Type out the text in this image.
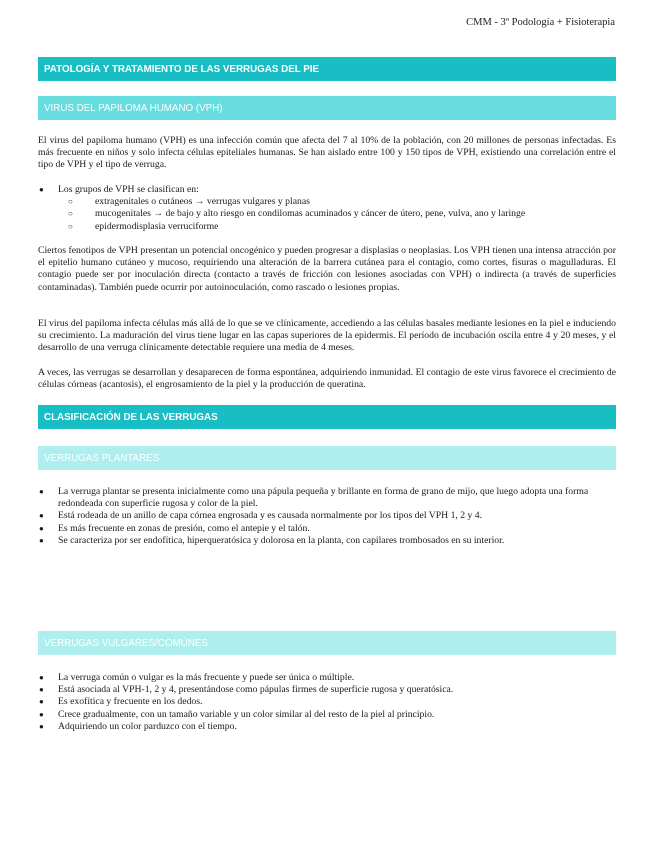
CMM - 3º Podología + Fisioterapia
PATOLOGÍA Y TRATAMIENTO DE LAS VERRUGAS DEL PIE
VIRUS DEL PAPILOMA HUMANO (VPH)

El virus del papiloma humano (VPH) es una infección común que afecta del 7 al 10% de la población, con 20 millones de personas infectadas. Es más frecuente en niños y solo infecta células epiteliales humanas. Se han aislado entre 100 y 150 tipos de VPH, existiendo una correlación entre el tipo de VPH y el tipo de verruga.

● Los grupos de VPH se clasifican en:
○ extragenitales o cutáneos → verrugas vulgares y planas
○ mucogenitales → de bajo y alto riesgo en condilomas acuminados y cáncer de útero, pene, vulva, ano y laringe
○ epidermodisplasia verruciforme

Ciertos fenotipos de VPH presentan un potencial oncogénico y pueden progresar a displasias o neoplasias. Los VPH tienen una intensa atracción por el epitelio humano cutáneo y mucoso, requiriendo una alteración de la barrera cutánea para el contagio, como cortes, fisuras o magulladuras. El contagio puede ser por inoculación directa (contacto a través de fricción con lesiones asociadas con VPH) o indirecta (a través de superficies contaminadas). También puede ocurrir por autoinoculación, como rascado o lesiones propias.

El virus del papiloma infecta células más allá de lo que se ve clínicamente, accediendo a las células basales mediante lesiones en la piel e induciendo su crecimiento. La maduración del virus tiene lugar en las capas superiores de la epidermis. El período de incubación oscila entre 4 y 20 meses, y el desarrollo de una verruga clínicamente detectable requiere una media de 4 meses.

A veces, las verrugas se desarrollan y desaparecen de forma espontánea, adquiriendo inmunidad. El contagio de este virus favorece el crecimiento de células córneas (acantosis), el engrosamiento de la piel y la producción de queratina.

CLASIFICACIÓN DE LAS VERRUGAS
VERRUGAS PLANTARES
● La verruga plantar se presenta inicialmente como una pápula pequeña y brillante en forma de grano de mijo, que luego adopta una forma redondeada con superficie rugosa y color de la piel.
● Está rodeada de un anillo de capa córnea engrosada y es causada normalmente por los tipos del VPH 1, 2 y 4.
● Es más frecuente en zonas de presión, como el antepie y el talón.
● Se caracteriza por ser endofítica, hiperqueratósica y dolorosa en la planta, con capilares trombosados en su interior.
VERRUGAS VULGARES/COMÚNES
● La verruga común o vulgar es la más frecuente y puede ser única o múltiple.
● Está asociada al VPH-1, 2 y 4, presentándose como pápulas firmes de superficie rugosa y queratósica.
● Es exofítica y frecuente en los dedos.
● Crece gradualmente, con un tamaño variable y un color similar al del resto de la piel al principio.
● Adquiriendo un color parduzco con el tiempo.
